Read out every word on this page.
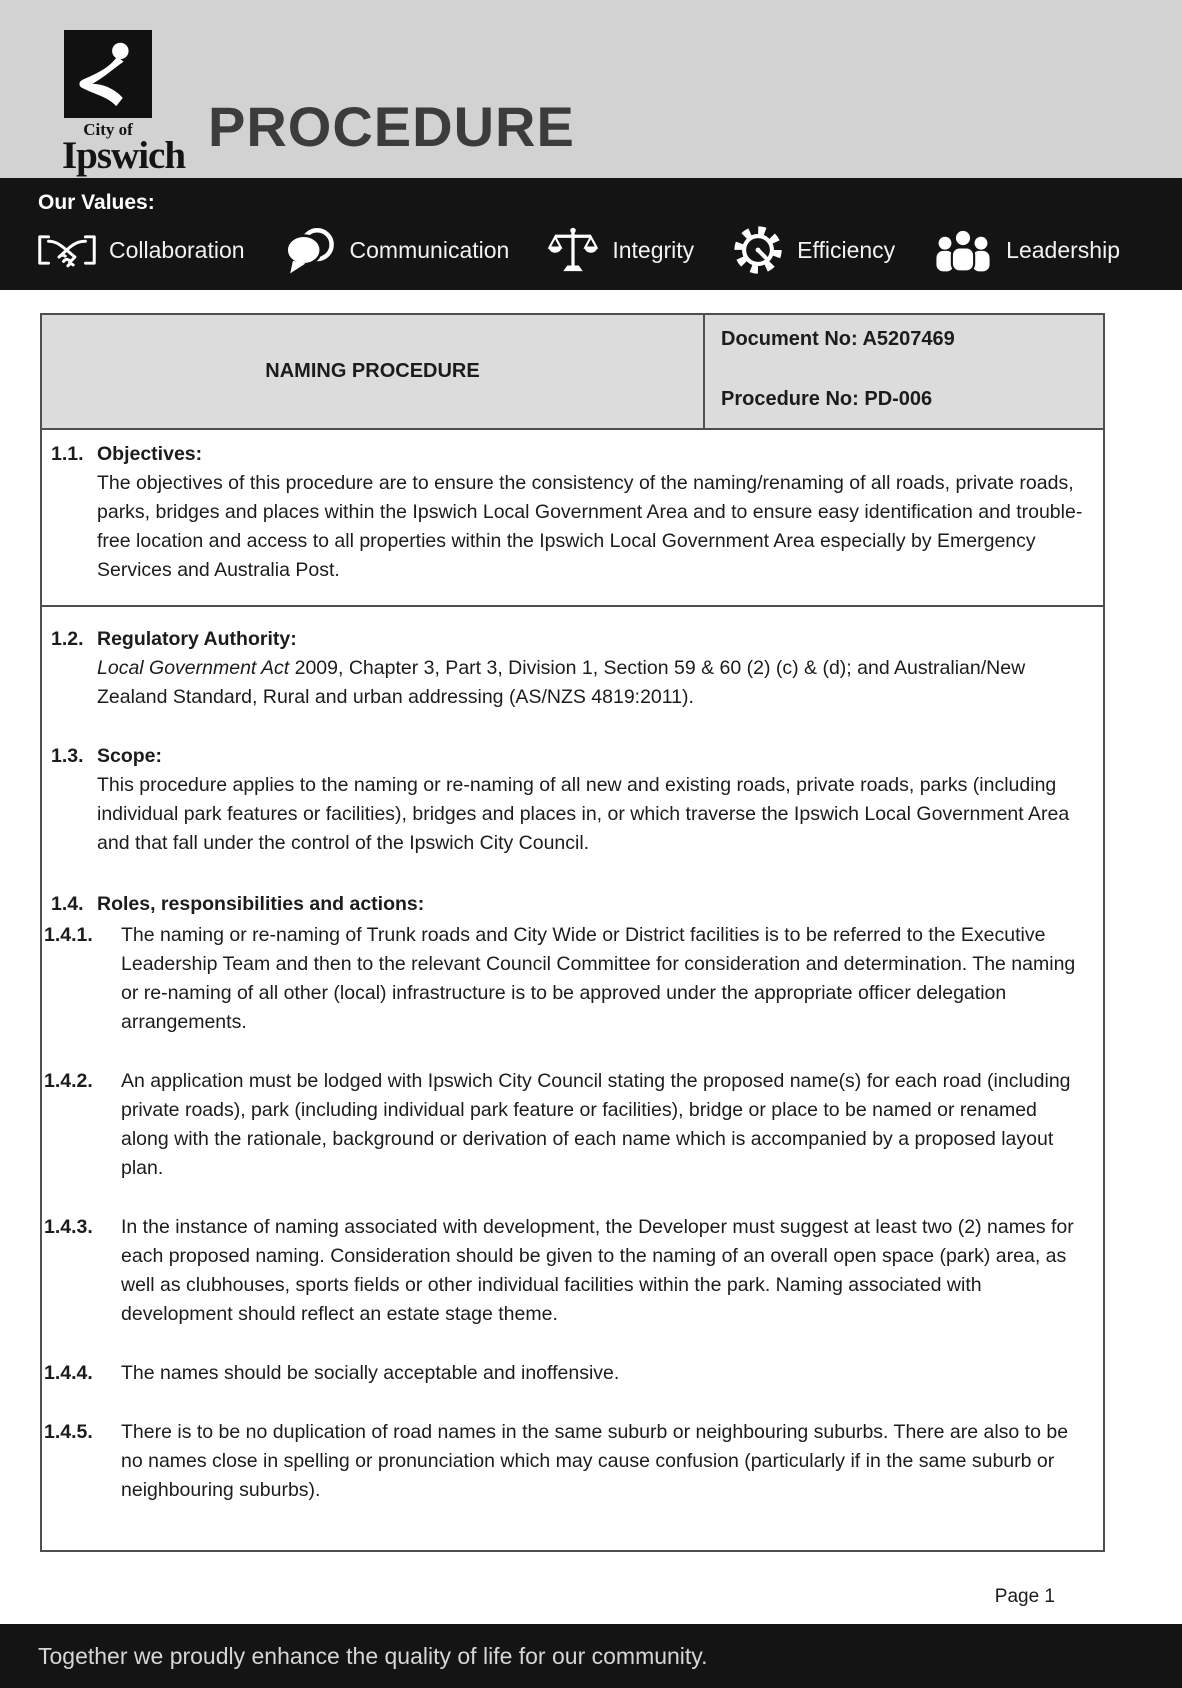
City of
Ipswich PROCEDURE
Our Values:
Collaboration	Communication	Integrity	Efficiency	Leadership
NAMING PROCEDURE
Document No: A5207469
Procedure No: PD-006
1.1. Objectives:

The objectives of this procedure are to ensure the consistency of the naming/renaming of all roads, private roads, parks, bridges and places within the Ipswich Local Government Area and to ensure easy identification and trouble-free location and access to all properties within the Ipswich Local Government Area especially by Emergency Services and Australia Post.

1.2. Regulatory Authority:

Local Government Act 2009, Chapter 3, Part 3, Division 1, Section 59 & 60 (2) (c) & (d); and Australian/New Zealand Standard, Rural and urban addressing (AS/NZS 4819:2011).

1.3. Scope:

This procedure applies to the naming or re-naming of all new and existing roads, private roads, parks (including individual park features or facilities), bridges and places in, or which traverse the Ipswich Local Government Area and that fall under the control of the Ipswich City Council.

1.4. Roles, responsibilities and actions:
1.4.1.	The naming or re-naming of Trunk roads and City Wide or District facilities is to be referred to the Executive Leadership Team and then to the relevant Council Committee for consideration and determination. The naming or re-naming of all other (local) infrastructure is to be approved under the appropriate officer delegation arrangements.

1.4.2.	An application must be lodged with Ipswich City Council stating the proposed name(s) for each road (including private roads), park (including individual park feature or facilities), bridge or place to be named or renamed along with the rationale, background or derivation of each name which is accompanied by a proposed layout plan.

1.4.3.	In the instance of naming associated with development, the Developer must suggest at least two (2) names for each proposed naming. Consideration should be given to the naming of an overall open space (park) area, as well as clubhouses, sports fields or other individual facilities within the park. Naming associated with development should reflect an estate stage theme.

1.4.4.	The names should be socially acceptable and inoffensive.

1.4.5.	There is to be no duplication of road names in the same suburb or neighbouring suburbs. There are also to be no names close in spelling or pronunciation which may cause confusion (particularly if in the same suburb or neighbouring suburbs).

Page 1
Together we proudly enhance the quality of life for our community.
